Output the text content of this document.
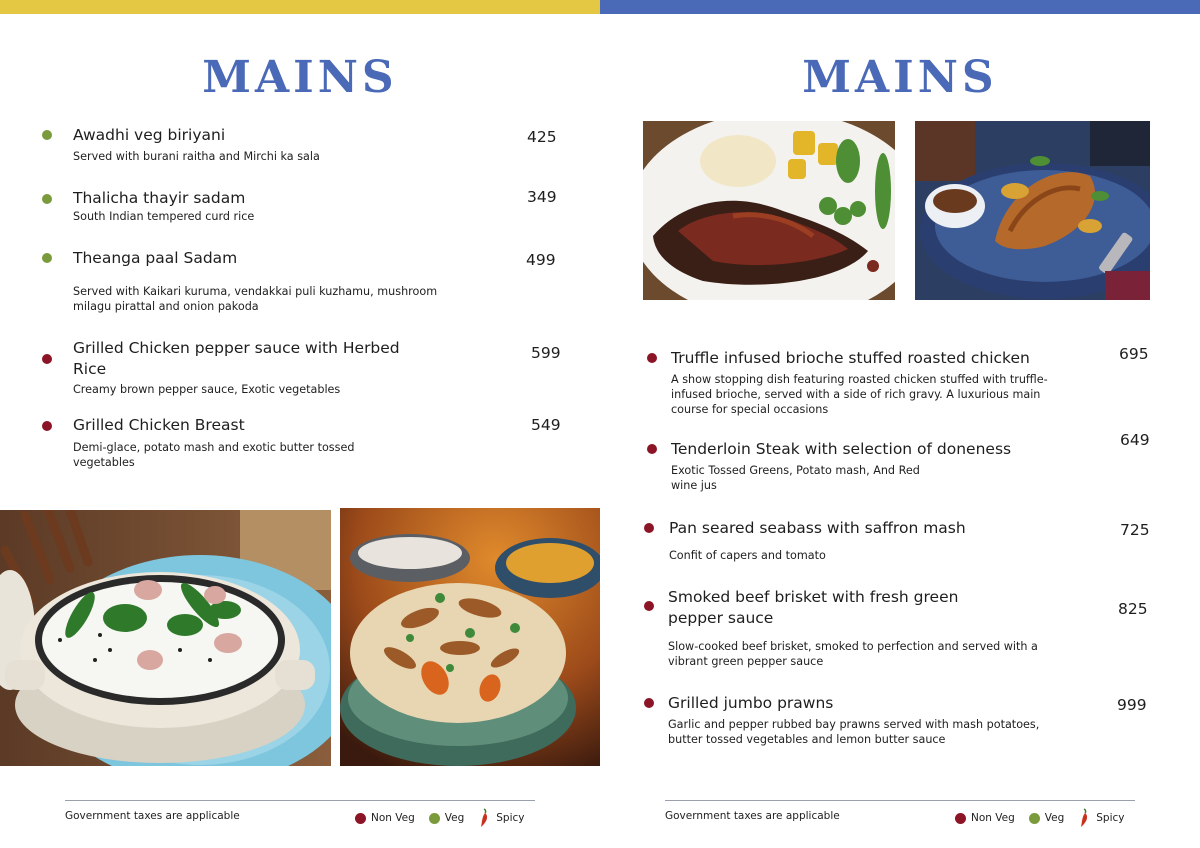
MAINS
Awadhi veg biriyani
Served with burani raitha and Mirchi ka sala
425
Thalicha thayir sadam
South Indian tempered curd rice
349
Theanga paal Sadam
Served with Kaikari kuruma, vendakkai puli kuzhamu, mushroom milagu pirattal and onion pakoda
499
Grilled Chicken pepper sauce with Herbed Rice
Creamy brown pepper sauce, Exotic vegetables
599
Grilled Chicken Breast
Demi-glace, potato mash and exotic butter tossed vegetables
549
Government taxes are applicable	Non Veg	Veg	Spicy
MAINS
Truffle infused brioche stuffed roasted chicken
A show stopping dish featuring roasted chicken stuffed with truffle-infused brioche, served with a side of rich gravy. A luxurious main course for special occasions
695
Tenderloin Steak with selection of doneness
Exotic Tossed Greens, Potato mash, And Red wine jus
649
Pan seared seabass with saffron mash
Confit of capers and tomato
725
Smoked beef brisket with fresh green pepper sauce
Slow-cooked beef brisket, smoked to perfection and served with a vibrant green pepper sauce
825
Grilled jumbo prawns
Garlic and pepper rubbed bay prawns served with mash potatoes, butter tossed vegetables and lemon butter sauce
999
Government taxes are applicable	Non Veg	Veg	Spicy
